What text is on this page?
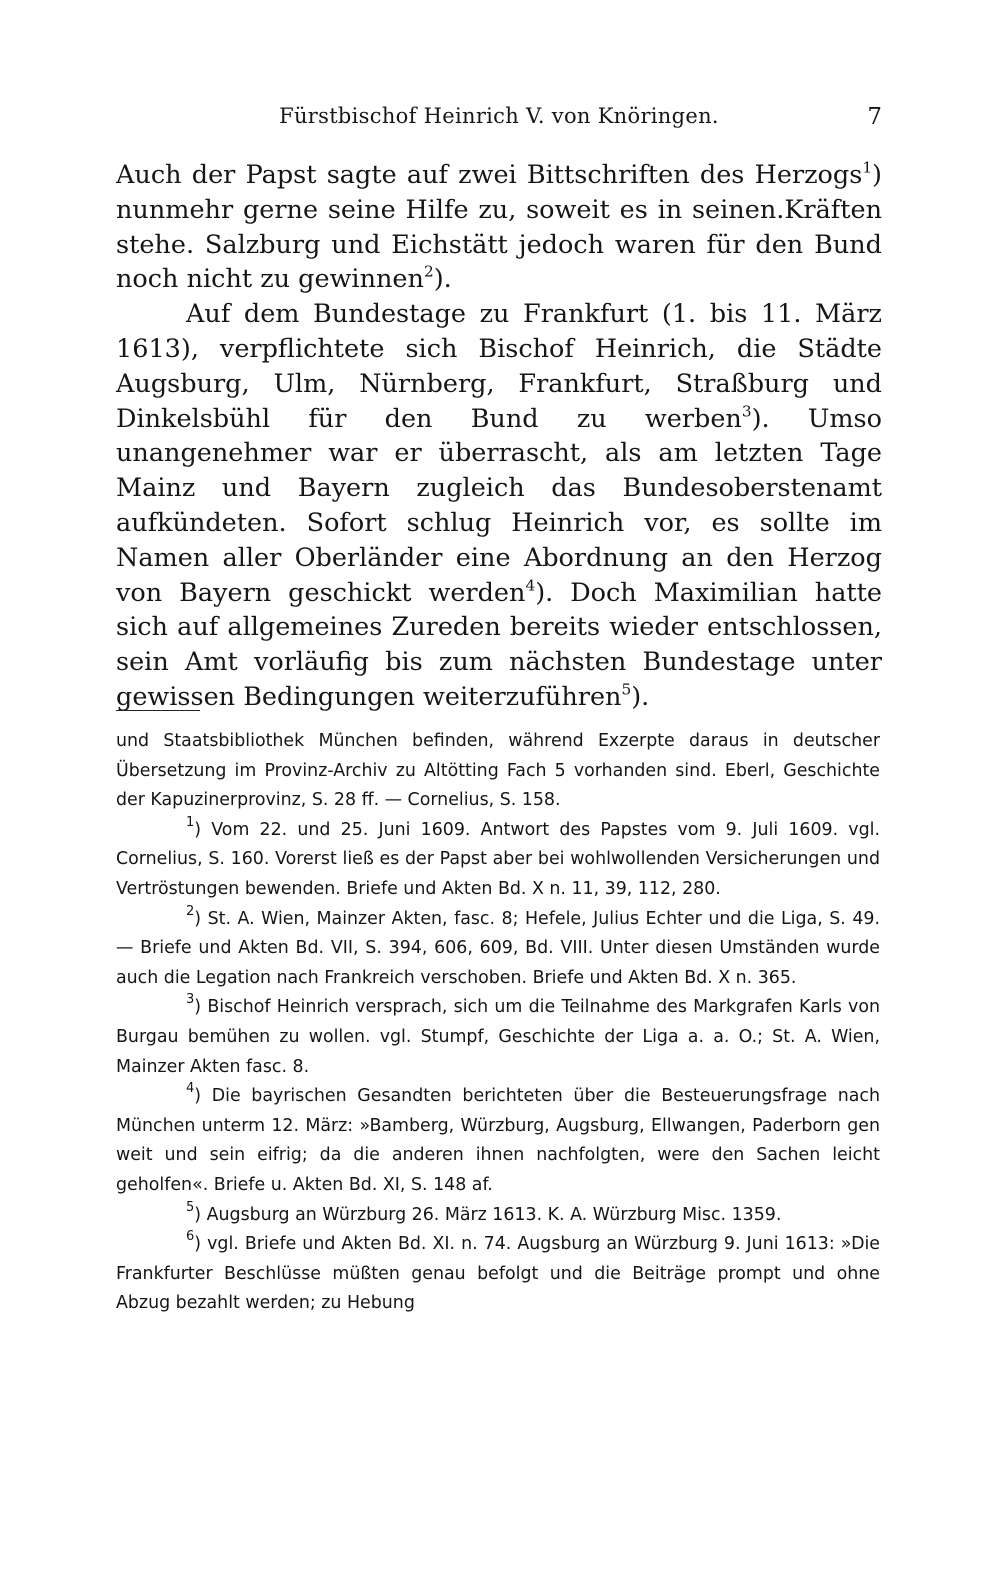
Fürstbischof Heinrich V. von Knöringen.	7

Auch der Papst sagte auf zwei Bittschriften des Herzogs$^1$) nunmehr gerne seine Hilfe zu, soweit es in seinen.Kräften stehe. Salzburg und Eichstätt jedoch waren für den Bund noch nicht zu gewinnen$^2$).

Auf dem Bundestage zu Frankfurt (1. bis 11. März 1613), verpflichtete sich Bischof Heinrich, die Städte Augsburg, Ulm, Nürnberg, Frankfurt, Straßburg und Dinkelsbühl für den Bund zu werben$^3$). Umso unangenehmer war er überrascht, als am letzten Tage Mainz und Bayern zugleich das Bundesoberstenamt aufkündeten. Sofort schlug Heinrich vor, es sollte im Namen aller Oberländer eine Abordnung an den Herzog von Bayern geschickt werden$^4$). Doch Maximilian hatte sich auf allgemeines Zureden bereits wieder entschlossen, sein Amt vorläufig bis zum nächsten Bundestage unter gewissen Bedingungen weiterzuführen$^5$).

und Staatsbibliothek München befinden, während Exzerpte daraus in deutscher Übersetzung im Provinz-Archiv zu Altötting Fach 5 vorhanden sind. Eberl, Geschichte der Kapuzinerprovinz, S. 28 ff. — Cornelius, S. 158.

$^1$) Vom 22. und 25. Juni 1609. Antwort des Papstes vom 9. Juli 1609. vgl. Cornelius, S. 160. Vorerst ließ es der Papst aber bei wohlwollenden Versicherungen und Vertröstungen bewenden. Briefe und Akten Bd. X n. 11, 39, 112, 280.

$^2$) St. A. Wien, Mainzer Akten, fasc. 8; Hefele, Julius Echter und die Liga, S. 49. — Briefe und Akten Bd. VII, S. 394, 606, 609, Bd. VIII. Unter diesen Umständen wurde auch die Legation nach Frankreich verschoben. Briefe und Akten Bd. X n. 365.

$^3$) Bischof Heinrich versprach, sich um die Teilnahme des Markgrafen Karls von Burgau bemühen zu wollen. vgl. Stumpf, Geschichte der Liga a. a. O.; St. A. Wien, Mainzer Akten fasc. 8.

$^4$) Die bayrischen Gesandten berichteten über die Besteuerungsfrage nach München unterm 12. März: »Bamberg, Würzburg, Augsburg, Ellwangen, Paderborn gen weit und sein eifrig; da die anderen ihnen nachfolgten, were den Sachen leicht geholfen«. Briefe u. Akten Bd. XI, S. 148 af.

$^5$) Augsburg an Würzburg 26. März 1613. K. A. Würzburg Misc. 1359.

$^6$) vgl. Briefe und Akten Bd. XI. n. 74. Augsburg an Würzburg 9. Juni 1613: »Die Frankfurter Beschlüsse müßten genau befolgt und die Beiträge prompt und ohne Abzug bezahlt werden; zu Hebung
